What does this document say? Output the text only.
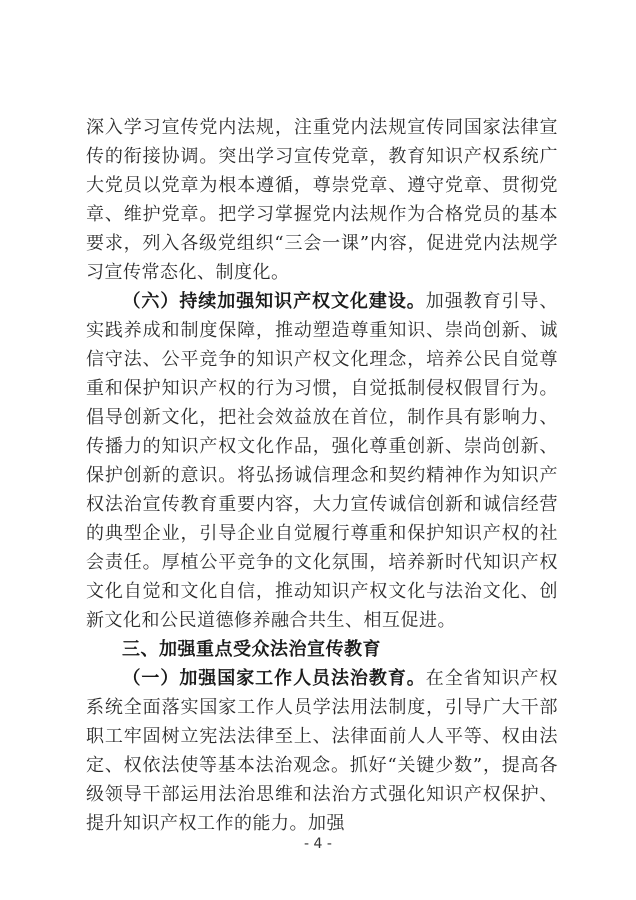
深入学习宣传党内法规，注重党内法规宣传同国家法律宣传的衔接协调。突出学习宣传党章，教育知识产权系统广大党员以党章为根本遵循，尊崇党章、遵守党章、贯彻党章、维护党章。把学习掌握党内法规作为合格党员的基本要求，列入各级党组织“三会一课”内容，促进党内法规学习宣传常态化、制度化。

（六）持续加强知识产权文化建设。加强教育引导、实践养成和制度保障，推动塑造尊重知识、崇尚创新、诚信守法、公平竞争的知识产权文化理念，培养公民自觉尊重和保护知识产权的行为习惯，自觉抵制侵权假冒行为。倡导创新文化，把社会效益放在首位，制作具有影响力、传播力的知识产权文化作品，强化尊重创新、崇尚创新、保护创新的意识。将弘扬诚信理念和契约精神作为知识产权法治宣传教育重要内容，大力宣传诚信创新和诚信经营的典型企业，引导企业自觉履行尊重和保护知识产权的社会责任。厚植公平竞争的文化氛围，培养新时代知识产权文化自觉和文化自信，推动知识产权文化与法治文化、创新文化和公民道德修养融合共生、相互促进。

三、加强重点受众法治宣传教育

（一）加强国家工作人员法治教育。在全省知识产权系统全面落实国家工作人员学法用法制度，引导广大干部职工牢固树立宪法法律至上、法律面前人人平等、权由法定、权依法使等基本法治观念。抓好“关键少数”，提高各级领导干部运用法治思维和法治方式强化知识产权保护、提升知识产权工作的能力。加强

- 4 -
